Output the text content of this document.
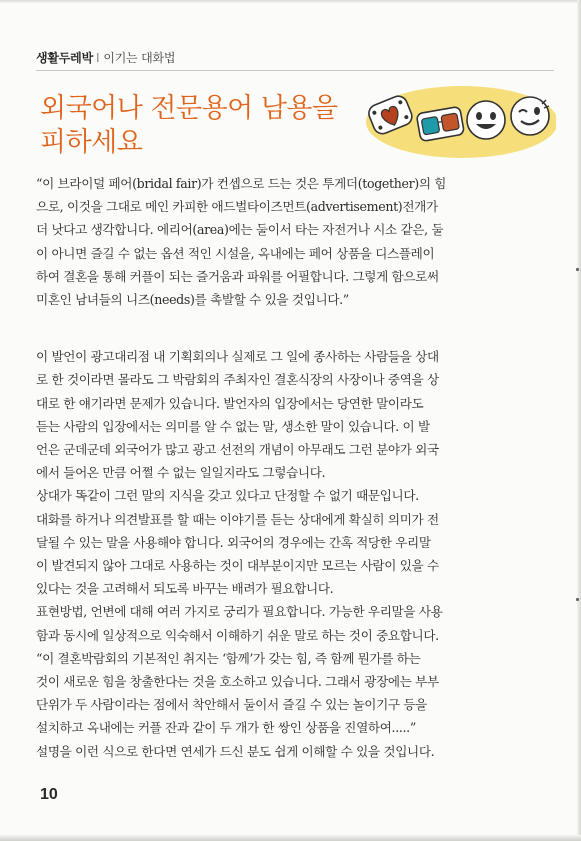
생활두레박 I 이기는 대화법
외국어나 전문용어 남용을
피하세요

“이 브라이덜 페어(bridal fair)가 컨셉으로 드는 것은 투게더(together)의 힘
으로, 이것을 그대로 메인 카피한 애드벌타이즈먼트(advertisement)전개가
더 낫다고 생각합니다. 에리어(area)에는 둘이서 타는 자전거나 시소 같은, 둘
이 아니면 즐길 수 없는 옵션 적인 시설을, 옥내에는 페어 상품을 디스플레이
하여 결혼을 통해 커플이 되는 즐거움과 파워를 어필합니다. 그렇게 함으로써
미혼인 남녀들의 니즈(needs)를 촉발할 수 있을 것입니다.”

이 발언이 광고대리점 내 기획회의나 실제로 그 일에 종사하는 사람들을 상대
로 한 것이라면 몰라도 그 박람회의 주최자인 결혼식장의 사장이나 중역을 상
대로 한 얘기라면 문제가 있습니다. 발언자의 입장에서는 당연한 말이라도
듣는 사람의 입장에서는 의미를 알 수 없는 말, 생소한 말이 있습니다. 이 발
언은 군데군데 외국어가 많고 광고 선전의 개념이 아무래도 그런 분야가 외국
에서 들어온 만큼 어쩔 수 없는 일일지라도 그렇습니다.

상대가 똑같이 그런 말의 지식을 갖고 있다고 단정할 수 없기 때문입니다.

대화를 하거나 의견발표를 할 때는 이야기를 듣는 상대에게 확실히 의미가 전
달될 수 있는 말을 사용해야 합니다. 외국어의 경우에는 간혹 적당한 우리말
이 발견되지 않아 그대로 사용하는 것이 대부분이지만 모르는 사람이 있을 수
있다는 것을 고려해서 되도록 바꾸는 배려가 필요합니다.

표현방법, 언변에 대해 여러 가지로 궁리가 필요합니다. 가능한 우리말을 사용
함과 동시에 일상적으로 익숙해서 이해하기 쉬운 말로 하는 것이 중요합니다.

“이 결혼박람회의 기본적인 취지는 ‘함께’가 갖는 힘, 즉 함께 뭔가를 하는
것이 새로운 힘을 창출한다는 것을 호소하고 있습니다. 그래서 광장에는 부부
단위가 두 사람이라는 점에서 착안해서 둘이서 즐길 수 있는 놀이기구 등을
설치하고 옥내에는 커플 잔과 같이 두 개가 한 쌍인 상품을 진열하여.....”

설명을 이런 식으로 한다면 연세가 드신 분도 쉽게 이해할 수 있을 것입니다.

10
